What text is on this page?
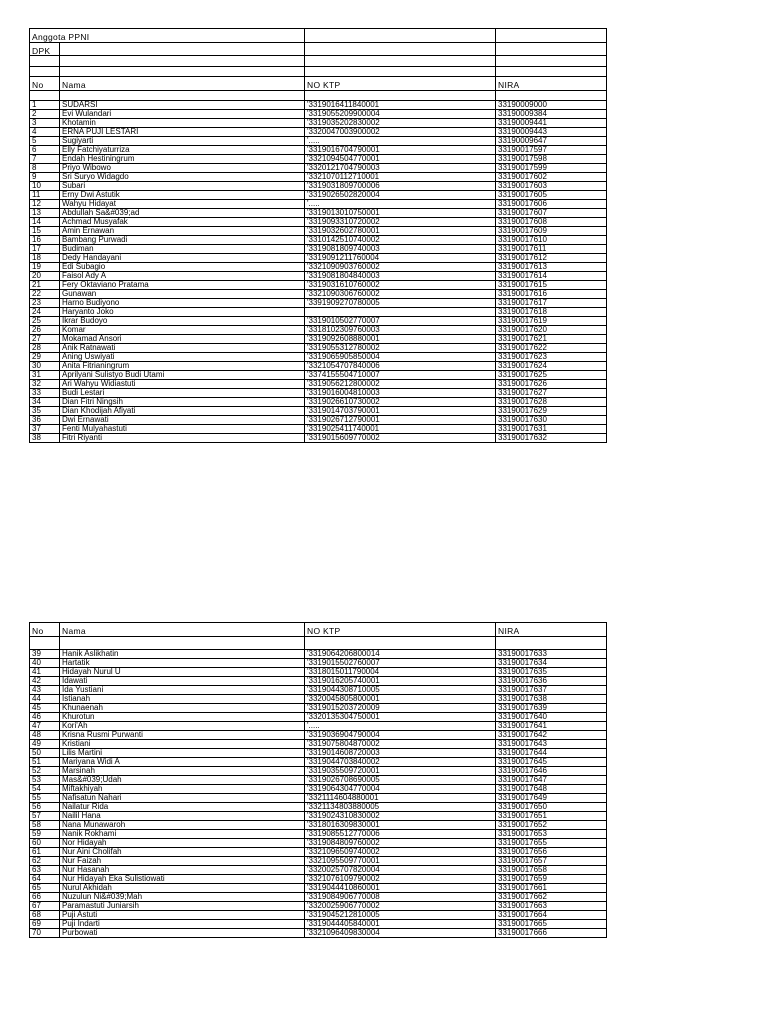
Anggota PPNI			
DPK			

No	Nama	NO KTP	NIRA

1	SUDARSI	'3319016411840001	33190009000
2	Evi Wulandari	'3319055209900004	33190009384
3	Khotamin	'3319035202830002	33190009441
4	ERNA PUJI LESTARI	'3320047003900002	33190009443
5	Sugiyarti	'.....	33190009647
6	Elly Fatchiyaturriza	'3319016704790001	33190017597
7	Endah Hestiningrum	'3321094504770001	33190017598
8	Priyo Wibowo	'3320121704790003	33190017599
9	Sri Suryo Widagdo	'3321070112710001	33190017602
10	Subari	'3319031809700006	33190017603
11	Erny Dwi Astutik	'3319026502820004	33190017605
12	Wahyu Hidayat	'.....	33190017606
13	Abdullah Sa&#039;ad	'3319013010750001	33190017607
14	Achmad Musyafak	'3319093310720002	33190017608
15	Amin Ernawan	'3319032602780001	33190017609
16	Bambang Purwadi	'3310142510740002	33190017610
17	Budiman	'3319081809740003	33190017611
18	Dedy Handayani	'3319091211760004	33190017612
19	Edi Subagio	'3321090903760002	33190017613
20	Faisol Ady A	'3319081804840003	33190017614
21	Fery Oktaviano Pratama	'3319031610760002	33190017615
22	Gunawan	'3321090306760002	33190017616
23	Harno Budiyono	'3391909270780005	33190017617
24	Haryanto Joko		33190017618
25	Ikrar Budoyo	'3319010502770007	33190017619
26	Komar	'3318102309760003	33190017620
27	Mokamad Ansori	'3319092608880001	33190017621
28	Anik Ratnawati	'3319055312780002	33190017622
29	Aning Uswiyati	'3319065905850004	33190017623
30	Anita Fitrianingrum	'3321054707840006	33190017624
31	Aprilyani Sulistyo Budi Utami	'3374155504710007	33190017625
32	Ari Wahyu Widiastuti	'3319056212800002	33190017626
33	Budi Lestari	'3319016004810003	33190017627
34	Dian Fitri Ningsih	'3319026610730002	33190017628
35	Dian Khodijah Afiyati	'3319014703790001	33190017629
36	Dwi Ernawati	'3319026712790001	33190017630
37	Fenti Mulyahastuti	'3319025411740001	33190017631
38	Fitri Riyanti	'3319015609770002	33190017632
No	Nama	NO KTP	NIRA

39	Hanik Aslikhatin	'3319064206800014	33190017633
40	Hartatik	'3319015502760007	33190017634
41	Hidayah Nurul U	'3318015011790004	33190017635
42	Idawati	'3319016205740001	33190017636
43	Ida Yustiani	'3319044308710005	33190017637
44	Istianah	'3320045805800001	33190017638
45	Khunaenah	'3319015203720009	33190017639
46	Khurotun	'3320135304750001	33190017640
47	Kori'Ah	'.....	33190017641
48	Krisna Rusmi Purwanti	'3319036904790004	33190017642
49	Kristiani	'3319075804870002	33190017643
50	Lilis Martini	'3319014608720003	33190017644
51	Mariyana Widi A	'3319044703840002	33190017645
52	Marsinah	'3319035509720001	33190017646
53	Mas&#039;Udah	'3319026708690005	33190017647
54	Miftakhiyah	'3319064304770004	33190017648
55	Nafisatun Nahari	'3321114604880001	33190017649
56	Nailatur Rida	'3321134803880005	33190017650
57	Nailil Hana	'3319024310830002	33190017651
58	Nana Munawaroh	'3318016309830001	33190017652
59	Nanik Rokhami	'3319085512770006	33190017653
60	Nor Hidayah	'3319084809760002	33190017655
61	Nur Aini Cholifah	'3321096509740002	33190017656
62	Nur Faizah	'3321095509770001	33190017657
63	Nur Hasanah	'3320025707820004	33190017658
64	Nur Hidayah Eka Sulistiowati	'3321076109790002	33190017659
65	Nurul Akhidah	'3319044410860001	33190017661
66	Nuzulun Ni&#039;Mah	'3319084906770008	33190017662
67	Paramastuti Juniarsih	'3320025906770002	33190017663
68	Puji Astuti	'3319045212810005	33190017664
69	Puji Indarti	'3319044405840001	33190017665
70	Purbowati	'3321096409830004	33190017666
